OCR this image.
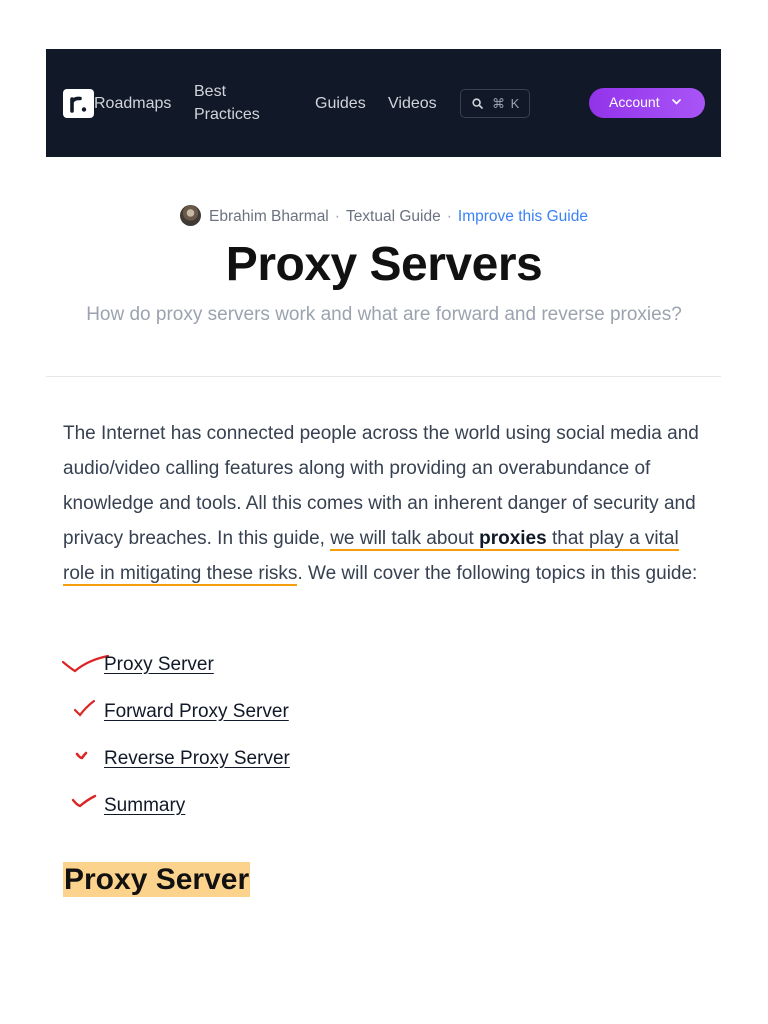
Roadmaps
Best Practices
Guides Videos	⌘ K	Account
Ebrahim Bharmal · Textual Guide · Improve this Guide
Proxy Servers

How do proxy servers work and what are forward and reverse proxies?

The Internet has connected people across the world using social media and audio/video calling features along with providing an overabundance of knowledge and tools. All this comes with an inherent danger of security and privacy breaches. In this guide, we will talk about proxies that play a vital role in mitigating these risks. We will cover the following topics in this guide:

Proxy Server
Forward Proxy Server
Reverse Proxy Server
Summary
Proxy Server
